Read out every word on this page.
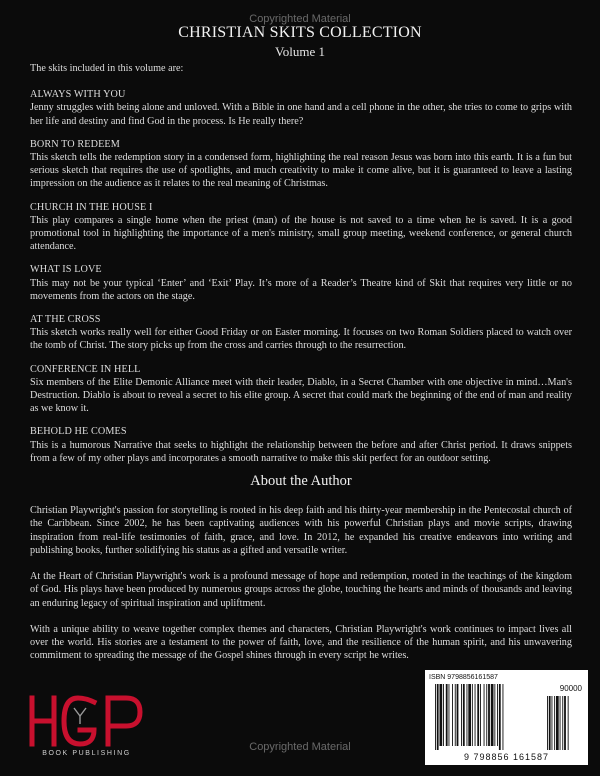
Copyrighted Material
CHRISTIAN SKITS COLLECTION
Volume 1

The skits included in this volume are:

ALWAYS WITH YOU
Jenny struggles with being alone and unloved. With a Bible in one hand and a cell phone in the other, she tries to come to grips with her life and destiny and find God in the process. Is He really there?
BORN TO REDEEM
This sketch tells the redemption story in a condensed form, highlighting the real reason Jesus was born into this earth. It is a fun but serious sketch that requires the use of spotlights, and much creativity to make it come alive, but it is guaranteed to leave a lasting impression on the audience as it relates to the real meaning of Christmas.
CHURCH IN THE HOUSE I
This play compares a single home when the priest (man) of the house is not saved to a time when he is saved. It is a good promotional tool in highlighting the importance of a men's ministry, small group meeting, weekend conference, or general church attendance.
WHAT IS LOVE
This may not be your typical ‘Enter’ and ‘Exit’ Play. It’s more of a Reader’s Theatre kind of Skit that requires very little or no movements from the actors on the stage.
AT THE CROSS
This sketch works really well for either Good Friday or on Easter morning. It focuses on two Roman Soldiers placed to watch over the tomb of Christ. The story picks up from the cross and carries through to the resurrection.
CONFERENCE IN HELL
Six members of the Elite Demonic Alliance meet with their leader, Diablo, in a Secret Chamber with one objective in mind…Man's Destruction. Diablo is about to reveal a secret to his elite group. A secret that could mark the beginning of the end of man and reality as we know it.
BEHOLD HE COMES
This is a humorous Narrative that seeks to highlight the relationship between the before and after Christ period. It draws snippets from a few of my other plays and incorporates a smooth narrative to make this skit perfect for an outdoor setting.
About the Author

Christian Playwright's passion for storytelling is rooted in his deep faith and his thirty-year membership in the Pentecostal church of the Caribbean. Since 2002, he has been captivating audiences with his powerful Christian plays and movie scripts, drawing inspiration from real-life testimonies of faith, grace, and love. In 2012, he expanded his creative endeavors into writing and publishing books, further solidifying his status as a gifted and versatile writer.

At the Heart of Christian Playwright's work is a profound message of hope and redemption, rooted in the teachings of the kingdom of God. His plays have been produced by numerous groups across the globe, touching the hearts and minds of thousands and leaving an enduring legacy of spiritual inspiration and upliftment.

With a unique ability to weave together complex themes and characters, Christian Playwright's work continues to impact lives all over the world. His stories are a testament to the power of faith, love, and the resilience of the human spirit, and his unwavering commitment to spreading the message of the Gospel shines through in every script he writes.

BOOK PUBLISHING
ISBN 9798856161587
90000
9 798856 161587
Copyrighted Material
